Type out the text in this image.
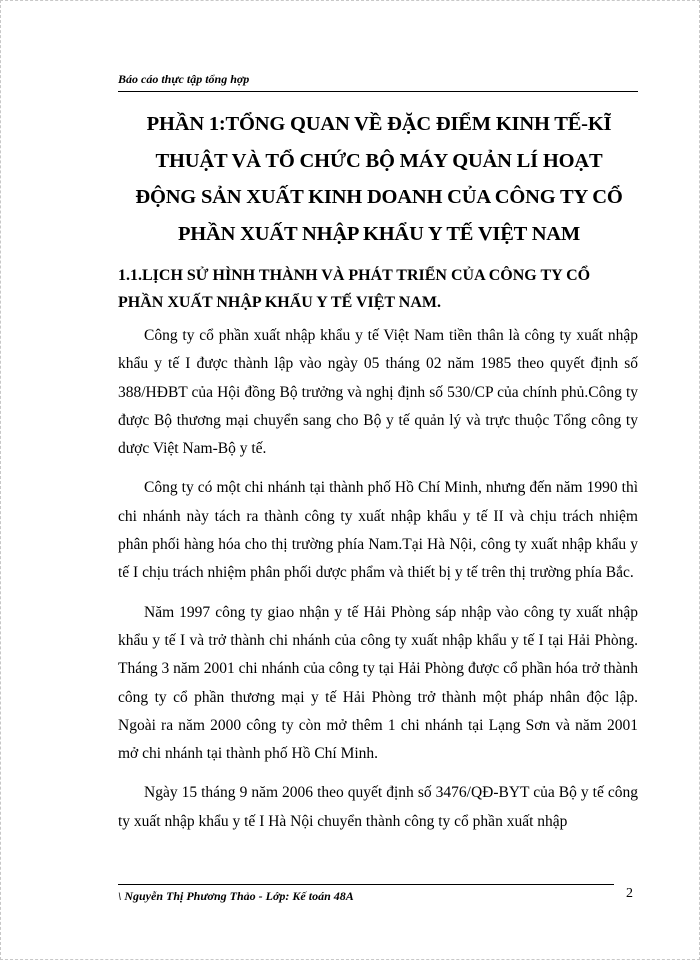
Báo cáo thực tập tổng hợp
PHẦN 1:TỔNG QUAN VỀ ĐẶC ĐIỂM KINH TẾ-KĨ
THUẬT VÀ TỔ CHỨC BỘ MÁY QUẢN LÍ HOẠT
ĐỘNG SẢN XUẤT KINH DOANH CỦA CÔNG TY CỔ
PHẦN XUẤT NHẬP KHẨU Y TẾ VIỆT NAM
1.1.LỊCH SỬ HÌNH THÀNH VÀ PHÁT TRIỂN CỦA CÔNG TY CỔ PHẦN XUẤT NHẬP KHẨU Y TẾ VIỆT NAM.

Công ty cổ phần xuất nhập khẩu y tế Việt Nam tiền thân là công ty xuất nhập khẩu y tế I được thành lập vào ngày 05 tháng 02 năm 1985 theo quyết định số 388/HĐBT của Hội đồng Bộ trưởng và nghị định số 530/CP của chính phủ.Công ty được Bộ thương mại chuyển sang cho Bộ y tế quản lý và trực thuộc Tổng công ty dược Việt Nam-Bộ y tế.

Công ty có một chi nhánh tại thành phố Hồ Chí Minh, nhưng đến năm 1990 thì chi nhánh này tách ra thành công ty xuất nhập khẩu y tế II và chịu trách nhiệm phân phối hàng hóa cho thị trường phía Nam.Tại Hà Nội, công ty xuất nhập khẩu y tế I chịu trách nhiệm phân phối dược phẩm và thiết bị y tế trên thị trường phía Bắc.

Năm 1997 công ty giao nhận y tế Hải Phòng sáp nhập vào công ty xuất nhập khẩu y tế I và trở thành chi nhánh của công ty xuất nhập khẩu y tế I tại Hải Phòng. Tháng 3 năm 2001 chi nhánh của công ty tại Hải Phòng được cổ phần hóa trở thành công ty cổ phần thương mại y tế Hải Phòng trở thành một pháp nhân độc lập. Ngoài ra năm 2000 công ty còn mở thêm 1 chi nhánh tại Lạng Sơn và năm 2001 mở chi nhánh tại thành phố Hồ Chí Minh.

Ngày 15 tháng 9 năm 2006 theo quyết định số 3476/QĐ-BYT của Bộ y tế công ty xuất nhập khẩu y tế I Hà Nội chuyển thành công ty cổ phần xuất nhập

\ Nguyễn Thị Phương Thảo - Lớp: Kế toán 48A	2
